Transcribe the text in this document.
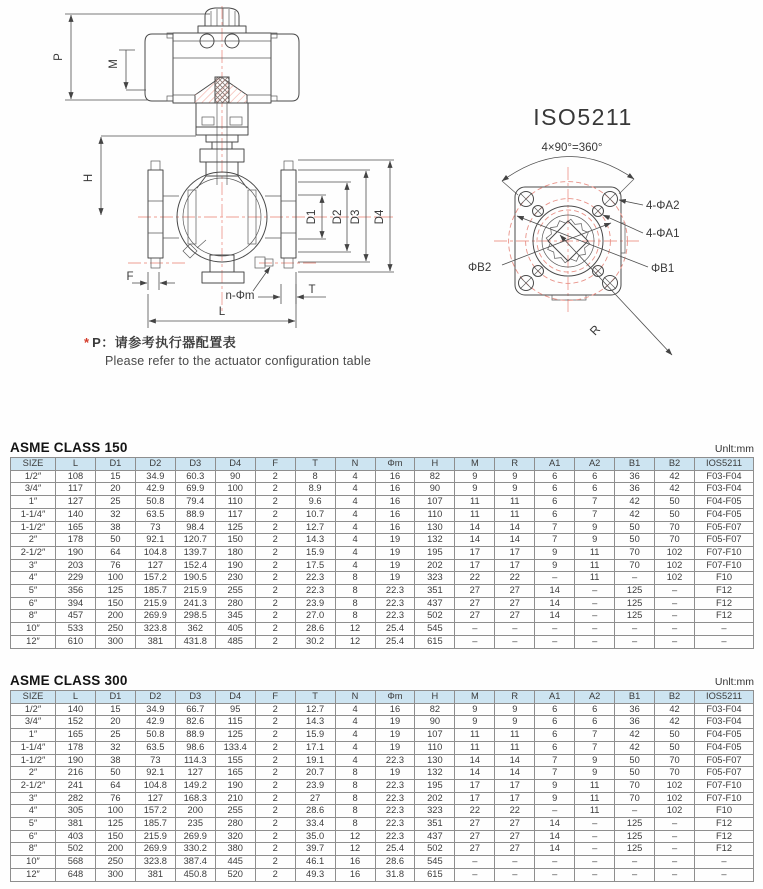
P
M
H
D1 D2 D3 D4
F
n-Φm	T
L
ISO5211
4×90°=360°
4-ΦA2
4-ΦA1
ΦB2	ΦB1
R
* P：请参考执行器配置表
Please refer to the actuator configuration table
ASME CLASS 150	Unlt:mm
SIZE	L	D1	D2	D3	D4	F	T	N	Φm	H	M	R	A1	A2	B1	B2	IOS5211
1/2″	108	15	34.9	60.3	90	2	8	4	16	82	9	9	6	6	36	42	F03-F04
3/4″	117	20	42.9	69.9	100	2	8.9	4	16	90	9	9	6	6	36	42	F03-F04
1″	127	25	50.8	79.4	110	2	9.6	4	16	107	11	11	6	7	42	50	F04-F05
1-1/4″	140	32	63.5	88.9	117	2	10.7	4	16	110	11	11	6	7	42	50	F04-F05
1-1/2″	165	38	73	98.4	125	2	12.7	4	16	130	14	14	7	9	50	70	F05-F07
2″	178	50	92.1	120.7	150	2	14.3	4	19	132	14	14	7	9	50	70	F05-F07
2-1/2″	190	64	104.8	139.7	180	2	15.9	4	19	195	17	17	9	11	70	102	F07-F10
3″	203	76	127	152.4	190	2	17.5	4	19	202	17	17	9	11	70	102	F07-F10
4″	229	100	157.2	190.5	230	2	22.3	8	19	323	22	22	–	11	–	102	F10
5″	356	125	185.7	215.9	255	2	22.3	8	22.3	351	27	27	14	–	125	–	F12
6″	394	150	215.9	241.3	280	2	23.9	8	22.3	437	27	27	14	–	125	–	F12
8″	457	200	269.9	298.5	345	2	27.0	8	22.3	502	27	27	14	–	125	–	F12
10″	533	250	323.8	362	405	2	28.6	12	25.4	545	–	–	–	–	–	–	–
12″	610	300	381	431.8	485	2	30.2	12	25.4	615	–	–	–	–	–	–	–
ASME CLASS 300	Unlt:mm
SIZE	L	D1	D2	D3	D4	F	T	N	Φm	H	M	R	A1	A2	B1	B2	IOS5211
1/2″	140	15	34.9	66.7	95	2	12.7	4	16	82	9	9	6	6	36	42	F03-F04
3/4″	152	20	42.9	82.6	115	2	14.3	4	19	90	9	9	6	6	36	42	F03-F04
1″	165	25	50.8	88.9	125	2	15.9	4	19	107	11	11	6	7	42	50	F04-F05
1-1/4″	178	32	63.5	98.6	133.4	2	17.1	4	19	110	11	11	6	7	42	50	F04-F05
1-1/2″	190	38	73	114.3	155	2	19.1	4	22.3	130	14	14	7	9	50	70	F05-F07
2″	216	50	92.1	127	165	2	20.7	8	19	132	14	14	7	9	50	70	F05-F07
2-1/2″	241	64	104.8	149.2	190	2	23.9	8	22.3	195	17	17	9	11	70	102	F07-F10
3″	282	76	127	168.3	210	2	27	8	22.3	202	17	17	9	11	70	102	F07-F10
4″	305	100	157.2	200	255	2	28.6	8	22.3	323	22	22	–	11	–	102	F10
5″	381	125	185.7	235	280	2	33.4	8	22.3	351	27	27	14	–	125	–	F12
6″	403	150	215.9	269.9	320	2	35.0	12	22.3	437	27	27	14	–	125	–	F12
8″	502	200	269.9	330.2	380	2	39.7	12	25.4	502	27	27	14	–	125	–	F12
10″	568	250	323.8	387.4	445	2	46.1	16	28.6	545	–	–	–	–	–	–	–
12″	648	300	381	450.8	520	2	49.3	16	31.8	615	–	–	–	–	–	–	–
